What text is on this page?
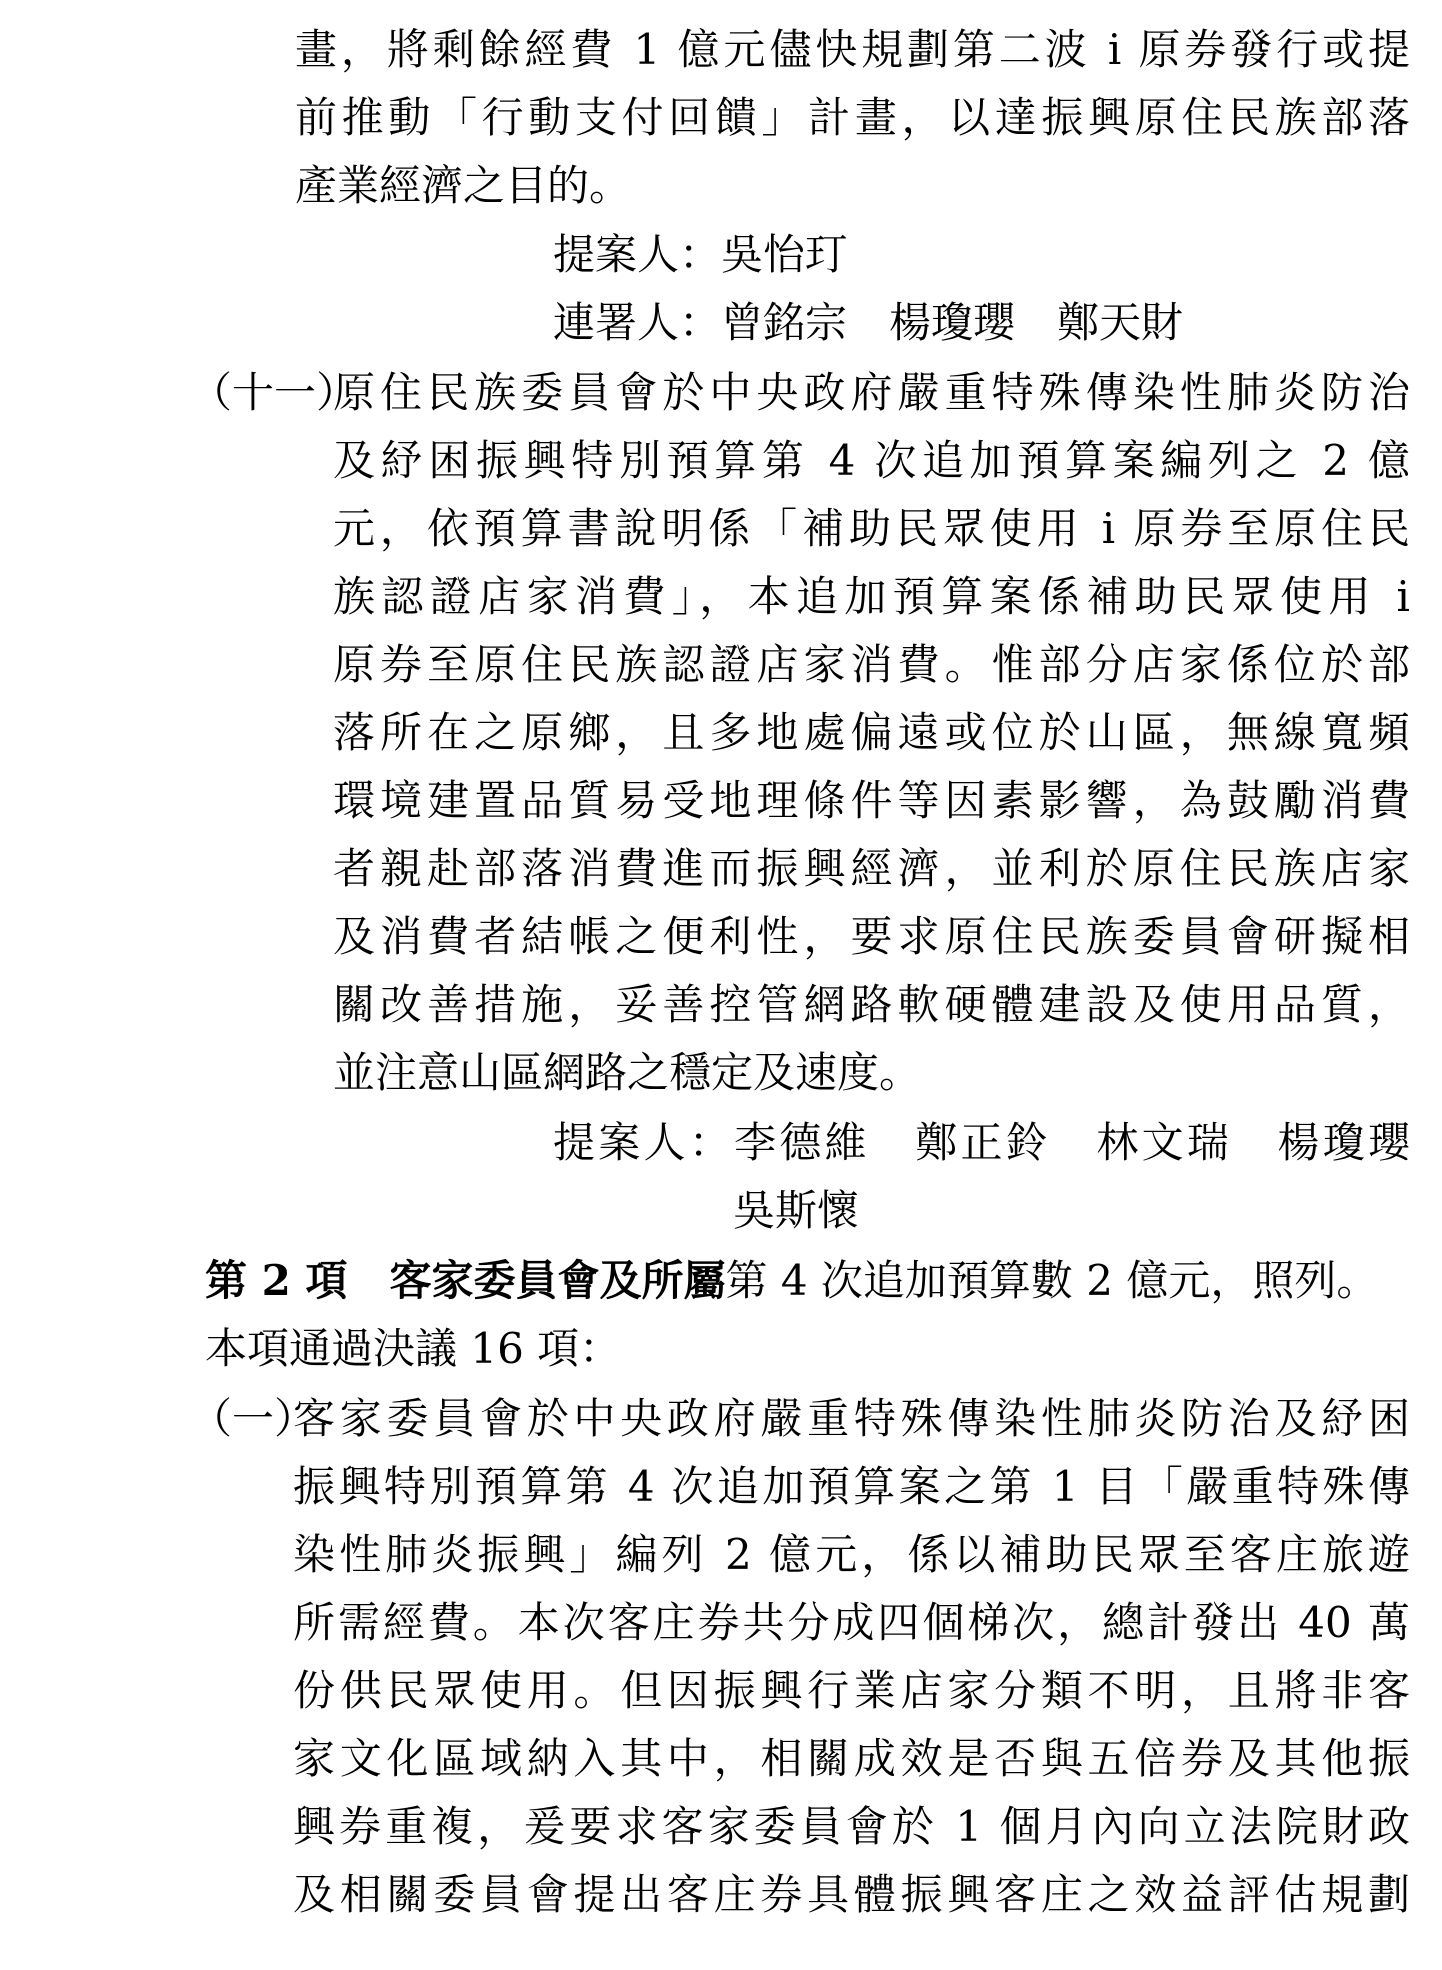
畫，將剩餘經費 1 億元儘快規劃第二波 i 原券發行或提
前推動「行動支付回饋」計畫，以達振興原住民族部落
產業經濟之目的。
提案人：吳怡玎
連署人：曾銘宗　楊瓊瓔　鄭天財
（十一）
原住民族委員會於中央政府嚴重特殊傳染性肺炎防治
及紓困振興特別預算第 4 次追加預算案編列之 2 億
元，依預算書說明係「補助民眾使用 i 原券至原住民
族認證店家消費」，本追加預算案係補助民眾使用 i
原券至原住民族認證店家消費。惟部分店家係位於部
落所在之原鄉，且多地處偏遠或位於山區，無線寬頻
環境建置品質易受地理條件等因素影響，為鼓勵消費
者親赴部落消費進而振興經濟，並利於原住民族店家
及消費者結帳之便利性，要求原住民族委員會研擬相
關改善措施，妥善控管網路軟硬體建設及使用品質，
並注意山區網路之穩定及速度。
提案人：李德維　鄭正鈴　林文瑞　楊瓊瓔
吳斯懷
第 2 項　客家委員會及所屬第 4 次追加預算數 2 億元，照列。
本項通過決議 16 項：
（一）
客家委員會於中央政府嚴重特殊傳染性肺炎防治及紓困
振興特別預算第 4 次追加預算案之第 1 目「嚴重特殊傳
染性肺炎振興」編列 2 億元，係以補助民眾至客庄旅遊
所需經費。本次客庄券共分成四個梯次，總計發出 40 萬
份供民眾使用。但因振興行業店家分類不明，且將非客
家文化區域納入其中，相關成效是否與五倍券及其他振
興券重複，爰要求客家委員會於 1 個月內向立法院財政
及相關委員會提出客庄券具體振興客庄之效益評估規劃
